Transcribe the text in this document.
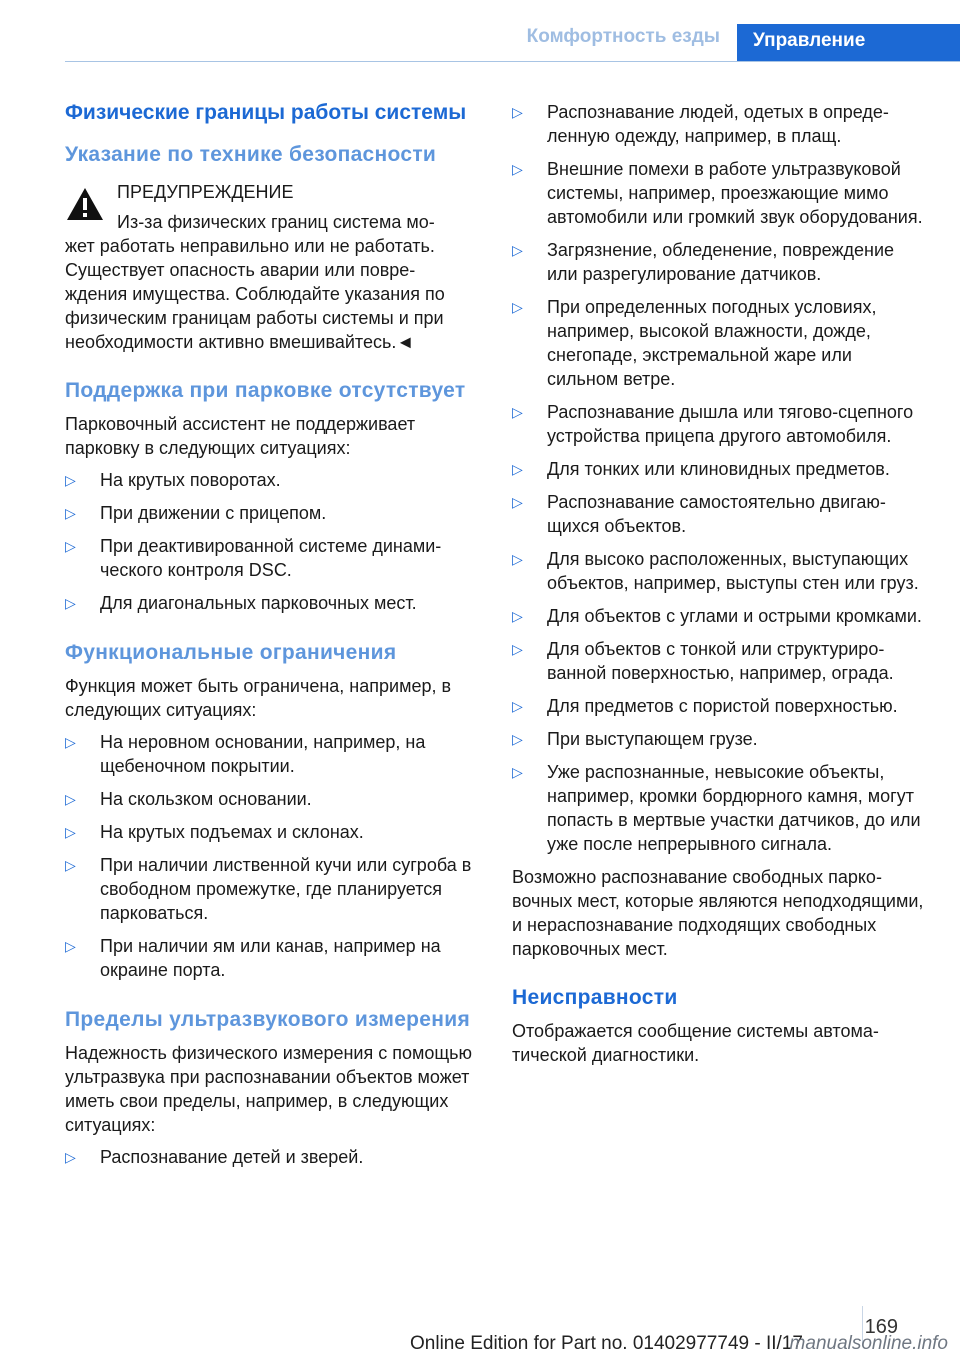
Комфортность езды	Управление
Физические границы работы системы
Указание по технике безопасности

ПРЕДУПРЕЖДЕНИЕ

Из-за физических границ система мо-

жет работать неправильно или не работать.

Существует опасность аварии или повре-

ждения имущества. Соблюдайте указания по

физическим границам работы системы и при

необходимости активно вмешивайтесь.◄

Поддержка при парковке отсутствует

Парковочный ассистент не поддерживает парковку в следующих ситуациях:

▷ На крутых поворотах.
▷ При движении с прицепом.
▷ При деактивированной системе динамического контроля DSC.
▷ Для диагональных парковочных мест.
Функциональные ограничения

Функция может быть ограничена, например, в следующих ситуациях:

▷ На неровном основании, например, на щебеночном покрытии.
▷ На скользком основании.
▷ На крутых подъемах и склонах.
▷ При наличии лиственной кучи или сугроба в свободном промежутке, где планируется парковаться.
▷ При наличии ям или канав, например на окраине порта.
Пределы ультразвукового измерения

Надежность физического измерения с помощью ультразвука при распознавании объектов может иметь свои пределы, например, в следующих ситуациях:

▷ Распознавание детей и зверей.
▷ Распознавание людей, одетых в определенную одежду, например, в плащ.
▷ Внешние помехи в работе ультразвуковой системы, например, проезжающие мимо автомобили или громкий звук оборудования.
▷ Загрязнение, обледенение, повреждение или разрегулирование датчиков.
▷ При определенных погодных условиях, например, высокой влажности, дожде, снегопаде, экстремальной жаре или сильном ветре.
▷ Распознавание дышла или тягово-сцепного устройства прицепа другого автомобиля.
▷ Для тонких или клиновидных предметов.
▷ Распознавание самостоятельно двигающихся объектов.
▷ Для высоко расположенных, выступающих объектов, например, выступы стен или груз.
▷ Для объектов с углами и острыми кромками.
▷ Для объектов с тонкой или структурированной поверхностью, например, ограда.
▷ Для предметов с пористой поверхностью.
▷ При выступающем грузе.
▷ Уже распознанные, невысокие объекты, например, кромки бордюрного камня, могут попасть в мертвые участки датчиков, до или уже после непрерывного сигнала.

Возможно распознавание свободных парковочных мест, которые являются неподходящими, и нераспознавание подходящих свободных парковочных мест.

Неисправности

Отображается сообщение системы автоматической диагностики.

169
Online Edition for Part no. 01402977749 - II/17
manualsonline.info
